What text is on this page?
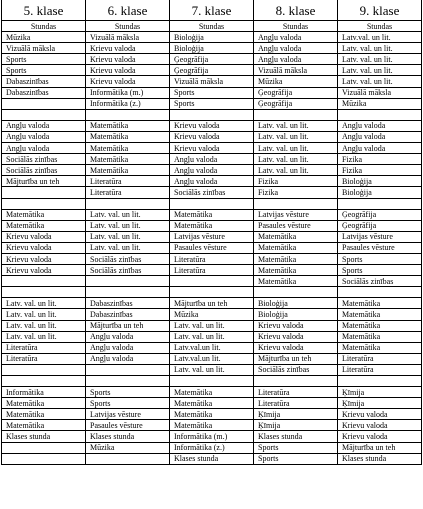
5. klase	6. klase	7. klase	8. klase	9. klase
Stundas	Stundas	Stundas	Stundas	Stundas
Mūzika	Vizuālā māksla	Bioloģija	Angļu valoda	Latv.val. un lit.
Vizuālā māksla	Krievu valoda	Bioloģija	Angļu valoda	Latv. val. un lit.
Sports	Krievu valoda	Ģeogrāfija	Angļu valoda	Latv. val. un lit.
Sports	Krievu valoda	Ģeogrāfija	Vizuālā māksla	Latv. val. un lit.
Dabaszinības	Krievu valoda	Vizuālā māksla	Mūzika	Latv. val. un lit.
Dabaszinības	Informātika (m.)	Sports	Ģeogrāfija	Vizuālā māksla
	Informātika (z.)	Sports	Ģeogrāfija	Mūzika

Angļu valoda	Matemātika	Krievu valoda	Latv. val. un lit.	Angļu valoda
Angļu valoda	Matemātika	Krievu valoda	Latv. val. un lit.	Angļu valoda
Angļu valoda	Matemātika	Krievu valoda	Latv. val. un lit.	Angļu valoda
Sociālās zinības	Matemātika	Angļu valoda	Latv. val. un lit.	Fizika
Sociālās zinības	Matemātika	Angļu valoda	Latv. val. un lit.	Fizika
Mājturība un teh	Literatūra	Angļu valoda	Fizika	Bioloģija
	Literatūra	Sociālās zinības	Fizika	Bioloģija

Matemātika	Latv. val. un lit.	Matemātika	Latvijas vēsture	Ģeogrāfija
Matemātika	Latv. val. un lit.	Matemātika	Pasaules vēsture	Ģeogrāfija
Krievu valoda	Latv. val. un lit.	Latvijas vēsture	Matemātika	Latvijas vēsture
Krievu valoda	Latv. val. un lit.	Pasaules vēsture	Matemātika	Pasaules vēsture
Krievu valoda	Sociālās zinības	Literatūra	Matemātika	Sports
Krievu valoda	Sociālās zinības	Literatūra	Matemātika	Sports
			Matemātika	Sociālās zinības

Latv. val. un lit.	Dabaszinības	Mājturība un teh	Bioloģija	Matemātika
Latv. val. un lit.	Dabaszinības	Mūzika	Bioloģija	Matemātika
Latv. val. un lit.	Mājturība un teh	Latv. val. un lit.	Krievu valoda	Matemātika
Latv. val. un lit.	Angļu valoda	Latv. val. un lit.	Krievu valoda	Matemātika
Literatūra	Angļu valoda	Latv.val.un lit.	Krievu valoda	Matemātika
Literatūra	Angļu valoda	Latv.val.un lit.	Mājturība un teh	Literatūra
		Latv. val. un lit.	Sociālās zinības	Literatūra

Informātika	Sports	Matemātika	Literatūra	Ķīmija
Matemātika	Sports	Matemātika	Literatūra	Ķīmija
Matemātika	Latvijas vēsture	Matemātika	Ķīmija	Krievu valoda
Matemātika	Pasaules vēsture	Matemātika	Ķīmija	Krievu valoda
Klases stunda	Klases stunda	Informātika (m.)	Klases stunda	Krievu valoda
	Mūzika	Informātika (z.)	Sports	Mājturība un teh
		Klases stunda	Sports	Klases stunda
